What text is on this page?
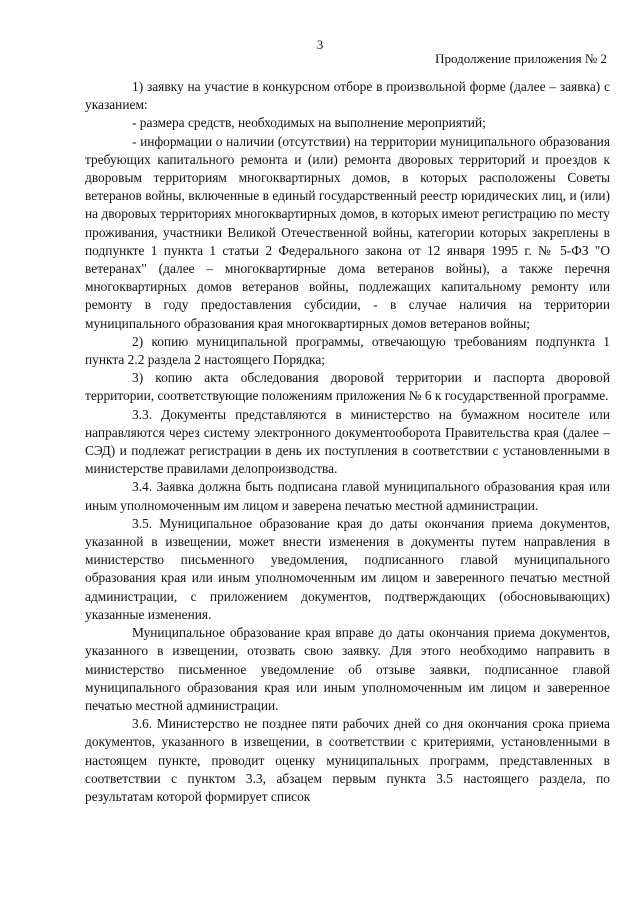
3
Продолжение приложения № 2

1) заявку на участие в конкурсном отборе в произвольной форме (далее – заявка) с указанием:

- размера средств, необходимых на выполнение мероприятий;

- информации о наличии (отсутствии) на территории муниципального образования требующих капитального ремонта и (или) ремонта дворовых территорий и проездов к дворовым территориям многоквартирных домов, в которых расположены Советы ветеранов войны, включенные в единый государственный реестр юридических лиц, и (или) на дворовых территориях многоквартирных домов, в которых имеют регистрацию по месту проживания, участники Великой Отечественной войны, категории которых закреплены в подпункте 1 пункта 1 статьи 2 Федерального закона от 12 января 1995 г. № 5-ФЗ "О ветеранах" (далее – многоквартирные дома ветеранов войны), а также перечня многоквартирных домов ветеранов войны, подлежащих капитальному ремонту или ремонту в году предоставления субсидии, - в случае наличия на территории муниципального образования края многоквартирных домов ветеранов войны;

2) копию муниципальной программы, отвечающую требованиям подпункта 1 пункта 2.2 раздела 2 настоящего Порядка;

3) копию акта обследования дворовой территории и паспорта дворовой территории, соответствующие положениям приложения № 6 к государственной программе.

3.3. Документы представляются в министерство на бумажном носителе или направляются через систему электронного документооборота Правительства края (далее – СЭД) и подлежат регистрации в день их поступления в соответствии с установленными в министерстве правилами делопроизводства.

3.4. Заявка должна быть подписана главой муниципального образования края или иным уполномоченным им лицом и заверена печатью местной администрации.

3.5. Муниципальное образование края до даты окончания приема документов, указанной в извещении, может внести изменения в документы путем направления в министерство письменного уведомления, подписанного главой муниципального образования края или иным уполномоченным им лицом и заверенного печатью местной администрации, с приложением документов, подтверждающих (обосновывающих) указанные изменения.

Муниципальное образование края вправе до даты окончания приема документов, указанного в извещении, отозвать свою заявку. Для этого необходимо направить в министерство письменное уведомление об отзыве заявки, подписанное главой муниципального образования края или иным уполномоченным им лицом и заверенное печатью местной администрации.

3.6. Министерство не позднее пяти рабочих дней со дня окончания срока приема документов, указанного в извещении, в соответствии с критериями, установленными в настоящем пункте, проводит оценку муниципальных программ, представленных в соответствии с пунктом 3.3, абзацем первым пункта 3.5 настоящего раздела, по результатам которой формирует список
